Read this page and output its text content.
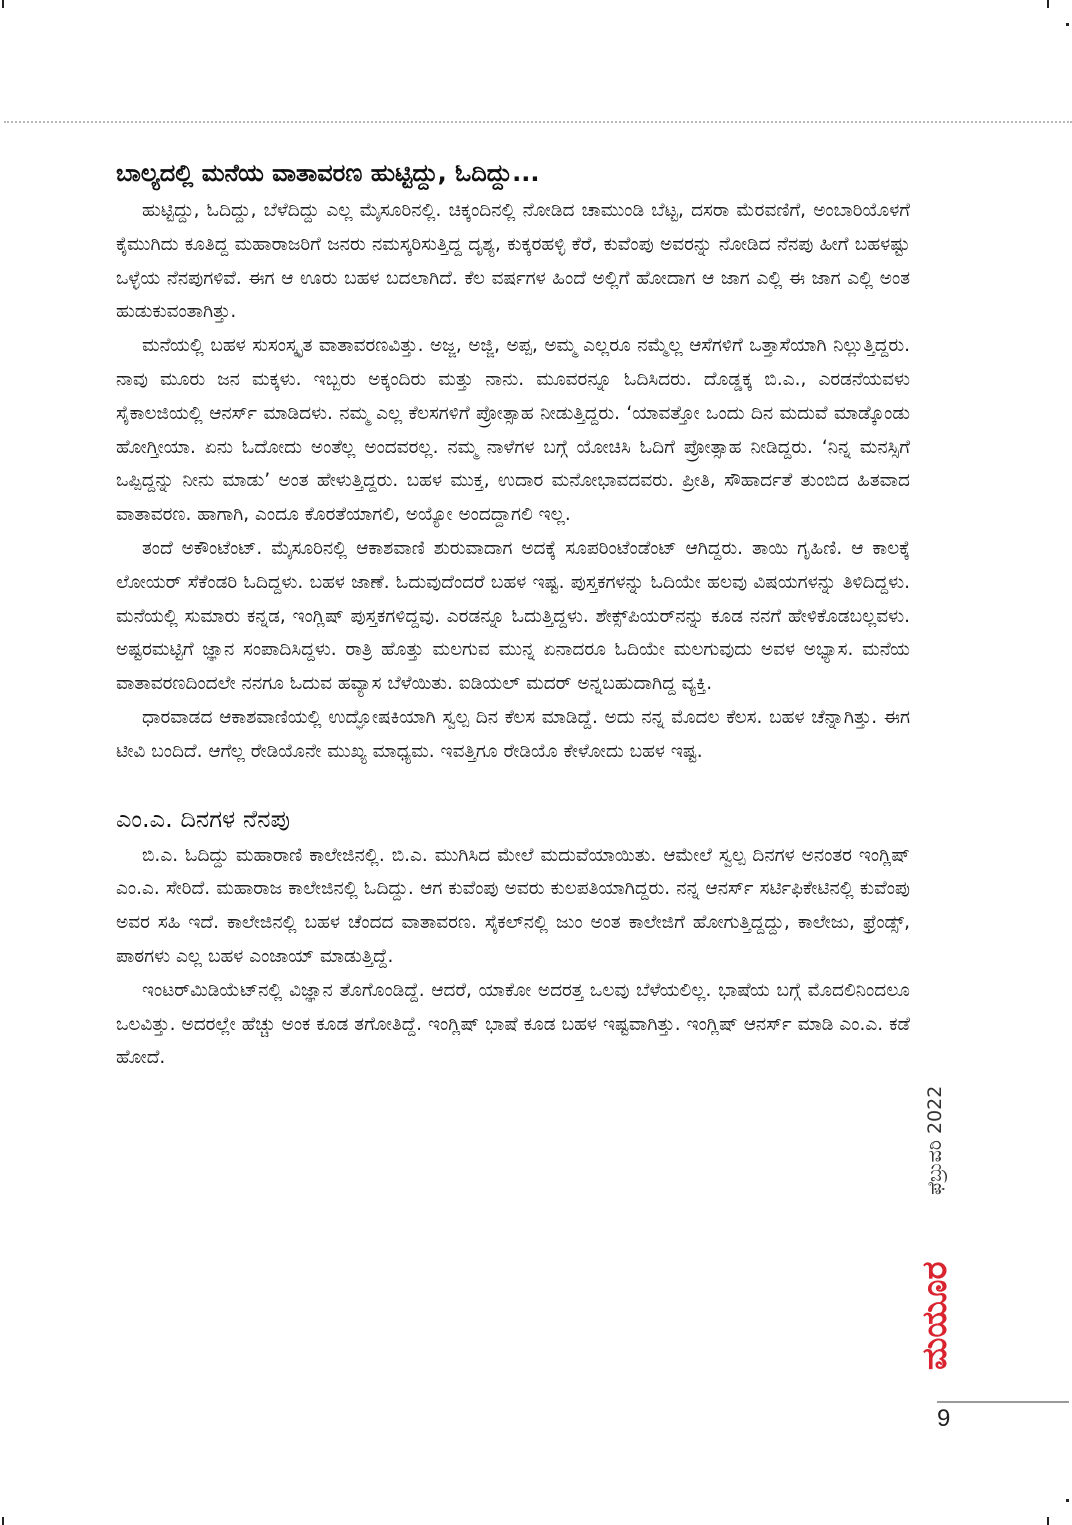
ಬಾಲ್ಯದಲ್ಲಿ ಮನೆಯ ವಾತಾವರಣ ಹುಟ್ಟಿದ್ದು, ಓದಿದ್ದು...

ಹುಟ್ಟಿದ್ದು, ಓದಿದ್ದು, ಬೆಳೆದಿದ್ದು ಎಲ್ಲ ಮೈಸೂರಿನಲ್ಲಿ. ಚಿಕ್ಕಂದಿನಲ್ಲಿ ನೋಡಿದ ಚಾಮುಂಡಿ ಬೆಟ್ಟ, ದಸರಾ ಮೆರವಣಿಗೆ, ಅಂಬಾರಿಯೊಳಗೆ ಕೈಮುಗಿದು ಕೂತಿದ್ದ ಮಹಾರಾಜರಿಗೆ ಜನರು ನಮಸ್ಕರಿಸುತ್ತಿದ್ದ ದೃಶ್ಯ, ಕುಕ್ಕರಹಳ್ಳಿ ಕೆರೆ, ಕುವೆಂಪು ಅವರನ್ನು ನೋಡಿದ ನೆನಪು ಹೀಗೆ ಬಹಳಷ್ಟು ಒಳ್ಳೆಯ ನೆನಪುಗಳಿವೆ. ಈಗ ಆ ಊರು ಬಹಳ ಬದಲಾಗಿದೆ. ಕೆಲ ವರ್ಷಗಳ ಹಿಂದೆ ಅಲ್ಲಿಗೆ ಹೋದಾಗ ಆ ಜಾಗ ಎಲ್ಲಿ ಈ ಜಾಗ ಎಲ್ಲಿ ಅಂತ ಹುಡುಕುವಂತಾಗಿತ್ತು.

ಮನೆಯಲ್ಲಿ ಬಹಳ ಸುಸಂಸ್ಕೃತ ವಾತಾವರಣವಿತ್ತು. ಅಜ್ಜ, ಅಜ್ಜಿ, ಅಪ್ಪ, ಅಮ್ಮ ಎಲ್ಲರೂ ನಮ್ಮೆಲ್ಲ ಆಸೆಗಳಿಗೆ ಒತ್ತಾಸೆಯಾಗಿ ನಿಲ್ಲುತ್ತಿದ್ದರು. ನಾವು ಮೂರು ಜನ ಮಕ್ಕಳು. ಇಬ್ಬರು ಅಕ್ಕಂದಿರು ಮತ್ತು ನಾನು. ಮೂವರನ್ನೂ ಓದಿಸಿದರು. ದೊಡ್ಡಕ್ಕ ಬಿ.ಎ., ಎರಡನೆಯವಳು ಸೈಕಾಲಜಿಯಲ್ಲಿ ಆನರ್ಸ್ ಮಾಡಿದಳು. ನಮ್ಮ ಎಲ್ಲ ಕೆಲಸಗಳಿಗೆ ಪ್ರೋತ್ಸಾಹ ನೀಡುತ್ತಿದ್ದರು. ‘ಯಾವತ್ತೋ ಒಂದು ದಿನ ಮದುವೆ ಮಾಡ್ಕೊಂಡು ಹೋಗ್ತೀಯಾ. ಏನು ಓದೋದು ಅಂತೆಲ್ಲ ಅಂದವರಲ್ಲ. ನಮ್ಮ ನಾಳೆಗಳ ಬಗ್ಗೆ ಯೋಚಿಸಿ ಓದಿಗೆ ಪ್ರೋತ್ಸಾಹ ನೀಡಿದ್ದರು. ‘ನಿನ್ನ ಮನಸ್ಸಿಗೆ ಒಪ್ಪಿದ್ದನ್ನು ನೀನು ಮಾಡು’ ಅಂತ ಹೇಳುತ್ತಿದ್ದರು. ಬಹಳ ಮುಕ್ತ, ಉದಾರ ಮನೋಭಾವದವರು. ಪ್ರೀತಿ, ಸೌಹಾರ್ದತೆ ತುಂಬಿದ ಹಿತವಾದ ವಾತಾವರಣ. ಹಾಗಾಗಿ, ಎಂದೂ ಕೊರತೆಯಾಗಲಿ, ಅಯ್ಯೋ ಅಂದದ್ದಾಗಲಿ ಇಲ್ಲ.

ತಂದೆ ಅಕೌಂಟೆಂಟ್. ಮೈಸೂರಿನಲ್ಲಿ ಆಕಾಶವಾಣಿ ಶುರುವಾದಾಗ ಅದಕ್ಕೆ ಸೂಪರಿಂಟೆಂಡೆಂಟ್ ಆಗಿದ್ದರು. ತಾಯಿ ಗೃಹಿಣಿ. ಆ ಕಾಲಕ್ಕೆ ಲೋಯರ್ ಸೆಕೆಂಡರಿ ಓದಿದ್ದಳು. ಬಹಳ ಜಾಣೆ. ಓದುವುದೆಂದರೆ ಬಹಳ ಇಷ್ಟ. ಪುಸ್ತಕಗಳನ್ನು ಓದಿಯೇ ಹಲವು ವಿಷಯಗಳನ್ನು ತಿಳಿದಿದ್ದಳು. ಮನೆಯಲ್ಲಿ ಸುಮಾರು ಕನ್ನಡ, ಇಂಗ್ಲಿಷ್ ಪುಸ್ತಕಗಳಿದ್ದವು. ಎರಡನ್ನೂ ಓದುತ್ತಿದ್ದಳು. ಶೇಕ್ಸ್‌ಪಿಯರ್‌ನನ್ನು ಕೂಡ ನನಗೆ ಹೇಳಿಕೊಡಬಲ್ಲವಳು. ಅಷ್ಟರಮಟ್ಟಿಗೆ ಜ್ಞಾನ ಸಂಪಾದಿಸಿದ್ದಳು. ರಾತ್ರಿ ಹೊತ್ತು ಮಲಗುವ ಮುನ್ನ ಏನಾದರೂ ಓದಿಯೇ ಮಲಗುವುದು ಅವಳ ಅಭ್ಯಾಸ. ಮನೆಯ ವಾತಾವರಣದಿಂದಲೇ ನನಗೂ ಓದುವ ಹವ್ಯಾಸ ಬೆಳೆಯಿತು. ಐಡಿಯಲ್ ಮದರ್ ಅನ್ನಬಹುದಾಗಿದ್ದ ವ್ಯಕ್ತಿ.

ಧಾರವಾಡದ ಆಕಾಶವಾಣಿಯಲ್ಲಿ ಉದ್ಘೋಷಕಿಯಾಗಿ ಸ್ವಲ್ಪ ದಿನ ಕೆಲಸ ಮಾಡಿದ್ದೆ. ಅದು ನನ್ನ ಮೊದಲ ಕೆಲಸ. ಬಹಳ ಚೆನ್ನಾಗಿತ್ತು. ಈಗ ಟೀವಿ ಬಂದಿದೆ. ಆಗೆಲ್ಲ ರೇಡಿಯೊನೇ ಮುಖ್ಯ ಮಾಧ್ಯಮ. ಇವತ್ತಿಗೂ ರೇಡಿಯೊ ಕೇಳೋದು ಬಹಳ ಇಷ್ಟ.

ಎಂ.ಎ. ದಿನಗಳ ನೆನಪು

ಬಿ.ಎ. ಓದಿದ್ದು ಮಹಾರಾಣಿ ಕಾಲೇಜಿನಲ್ಲಿ. ಬಿ.ಎ. ಮುಗಿಸಿದ ಮೇಲೆ ಮದುವೆಯಾಯಿತು. ಆಮೇಲೆ ಸ್ವಲ್ಪ ದಿನಗಳ ಅನಂತರ ಇಂಗ್ಲಿಷ್ ಎಂ.ಎ. ಸೇರಿದೆ. ಮಹಾರಾಜ ಕಾಲೇಜಿನಲ್ಲಿ ಓದಿದ್ದು. ಆಗ ಕುವೆಂಪು ಅವರು ಕುಲಪತಿಯಾಗಿದ್ದರು. ನನ್ನ ಆನರ್ಸ್ ಸರ್ಟಿಫಿಕೇಟಿನಲ್ಲಿ ಕುವೆಂಪು ಅವರ ಸಹಿ ಇದೆ. ಕಾಲೇಜಿನಲ್ಲಿ ಬಹಳ ಚೆಂದದ ವಾತಾವರಣ. ಸೈಕಲ್‌ನಲ್ಲಿ ಜುಂ ಅಂತ ಕಾಲೇಜಿಗೆ ಹೋಗುತ್ತಿದ್ದದ್ದು, ಕಾಲೇಜು, ಫ್ರೆಂಡ್ಸ್, ಪಾಠಗಳು ಎಲ್ಲ ಬಹಳ ಎಂಜಾಯ್ ಮಾಡುತ್ತಿದ್ದೆ.

ಇಂಟರ್‌ಮಿಡಿಯೆಟ್‌ನಲ್ಲಿ ವಿಜ್ಞಾನ ತೊಗೊಂಡಿದ್ದೆ. ಆದರೆ, ಯಾಕೋ ಅದರತ್ತ ಒಲವು ಬೆಳೆಯಲಿಲ್ಲ. ಭಾಷೆಯ ಬಗ್ಗೆ ಮೊದಲಿನಿಂದಲೂ ಒಲವಿತ್ತು. ಅದರಲ್ಲೇ ಹೆಚ್ಚು ಅಂಕ ಕೂಡ ತಗೋತಿದ್ದೆ. ಇಂಗ್ಲಿಷ್ ಭಾಷೆ ಕೂಡ ಬಹಳ ಇಷ್ಟವಾಗಿತ್ತು. ಇಂಗ್ಲಿಷ್ ಆನರ್ಸ್ ಮಾಡಿ ಎಂ.ಎ. ಕಡೆ ಹೋದೆ.

ಫೆಬ್ರುವರಿ 2022
ಮಯೂರ
9
